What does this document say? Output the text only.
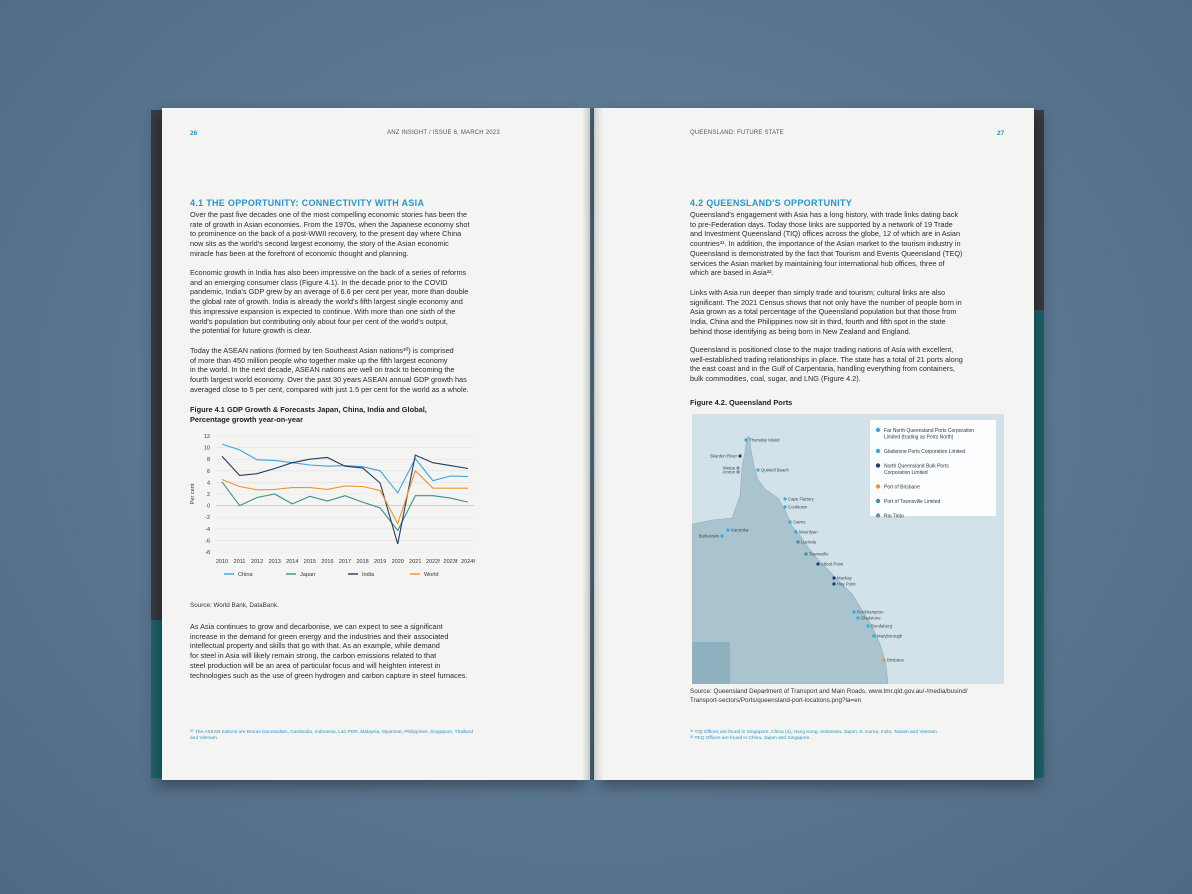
26	ANZ INSIGHT / ISSUE 6, MARCH 2023
4.1 THE OPPORTUNITY: CONNECTIVITY WITH ASIA
Over the past five decades one of the most compelling economic stories has been the
rate of growth in Asian economies. From the 1970s, when the Japanese economy shot
to prominence on the back of a post-WWII recovery, to the present day where China
now sits as the world's second largest economy, the story of the Asian economic
miracle has been at the forefront of economic thought and planning.
Economic growth in India has also been impressive on the back of a series of reforms
and an emerging consumer class (Figure 4.1). In the decade prior to the COVID
pandemic, India's GDP grew by an average of 6.6 per cent per year, more than double
the global rate of growth. India is already the world's fifth largest single economy and
this impressive expansion is expected to continue. With more than one sixth of the
world's population but contributing only about four per cent of the world's output,
the potential for future growth is clear.
Today the ASEAN nations (formed by ten Southeast Asian nations³⁰) is comprised
of more than 450 million people who together make up the fifth largest economy
in the world. In the next decade, ASEAN nations are well on track to becoming the
fourth largest world economy. Over the past 30 years ASEAN annual GDP growth has
averaged close to 5 per cent, compared with just 1.5 per cent for the world as a whole.
Figure 4.1 GDP Growth & Forecasts Japan, China, India and Global,
Percentage growth year-on-year
12
10
8
6
4
2
0
-2
-4
-6
-8
2010 2011 2012 2013 2014 2015 2016 2017 2018 2019 2020 2021 2022f 2023f 2024f
Per cent
China	Japan	India	World
Source: World Bank, DataBank.
As Asia continues to grow and decarbonise, we can expect to see a significant
increase in the demand for green energy and the industries and their associated
intellectual property and skills that go with that. As an example, while demand
for steel in Asia will likely remain strong, the carbon emissions related to that
steel production will be an area of particular focus and will heighten interest in
technologies such as the use of green hydrogen and carbon capture in steel furnaces.
³⁰ The ASEAN nations are Brunei Darussalam, Cambodia, Indonesia, Lao PDR, Malaysia, Myanmar, Philippines, Singapore, Thailand
and Vietnam.
QUEENSLAND: FUTURE STATE	27
4.2 QUEENSLAND'S OPPORTUNITY
Queensland's engagement with Asia has a long history, with trade links dating back
to pre-Federation days. Today those links are supported by a network of 19 Trade
and Investment Queensland (TIQ) offices across the globe, 12 of which are in Asian
countries³¹. In addition, the importance of the Asian market to the tourism industry in
Queensland is demonstrated by the fact that Tourism and Events Queensland (TEQ)
services the Asian market by maintaining four international hub offices, three of
which are based in Asia³².
Links with Asia run deeper than simply trade and tourism; cultural links are also
significant. The 2021 Census shows that not only have the number of people born in
Asia grown as a total percentage of the Queensland population but that those from
India, China and the Philippines now sit in third, fourth and fifth spot in the state
behind those identifying as being born in New Zealand and England.
Queensland is positioned close to the major trading nations of Asia with excellent,
well-established trading relationships in place. The state has a total of 21 ports along
the east coast and in the Gulf of Carpentaria, handling everything from containers,
bulk commodities, coal, sugar, and LNG (Figure 4.2).
Figure 4.2. Queensland Ports
Thursday Island
Skardon River
Weipa
Amrun	Quintell Beach
Cape Flattery
Cooktown
Karumba
Burketown
Cairns
Mourilyan
Lucinda
Townsville
Abbot Point
Mackay
Hay Point
Rockhampton
Gladstone
Bundaberg
Maryborough
Brisbane
Far North Queensland Ports Corporation
Limited (trading as Ports North)
Gladstone Ports Corporation Limited
North Queensland Bulk Ports
Corporation Limited
Port of Brisbane
Port of Townsville Limited
Rio Tinto
Source: Queensland Department of Transport and Main Roads, www.tmr.qld.gov.au/-/media/busind/
Transport-sectors/Ports/queensland-port-locations.png?la=en
³¹ TIQ Offices are found in Singapore, China (4), Hong Kong, Indonesia, Japan, S. Korea, India, Taiwan and Vietnam.
³² TEQ Offices are found in China, Japan and Singapore.
